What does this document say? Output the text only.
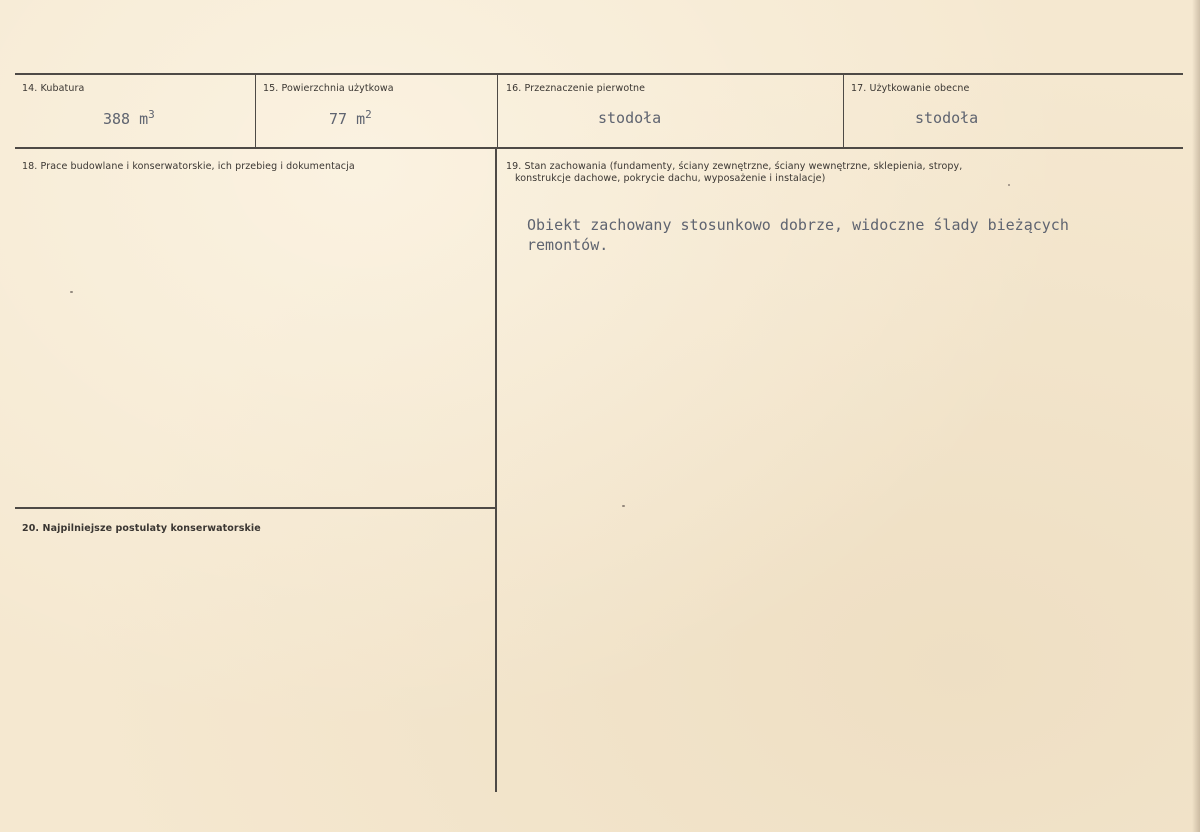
14. Kubatura
388 $m^3$
15. Powierzchnia użytkowa
77 $m^2$
16. Przeznaczenie pierwotne
stodoła
17. Użytkowanie obecne
stodoła
18. Prace budowlane i konserwatorskie, ich przebieg i dokumentacja	19. Stan zachowania (fundamenty, ściany zewnętrzne, ściany wewnętrzne, sklepienia, stropy,
konstrukcje dachowe, pokrycie dachu, wyposażenie i instalacje)
Obiekt zachowany stosunkowo dobrze, widoczne ślady bieżących
remontów.
20. Najpilniejsze postulaty konserwatorskie
